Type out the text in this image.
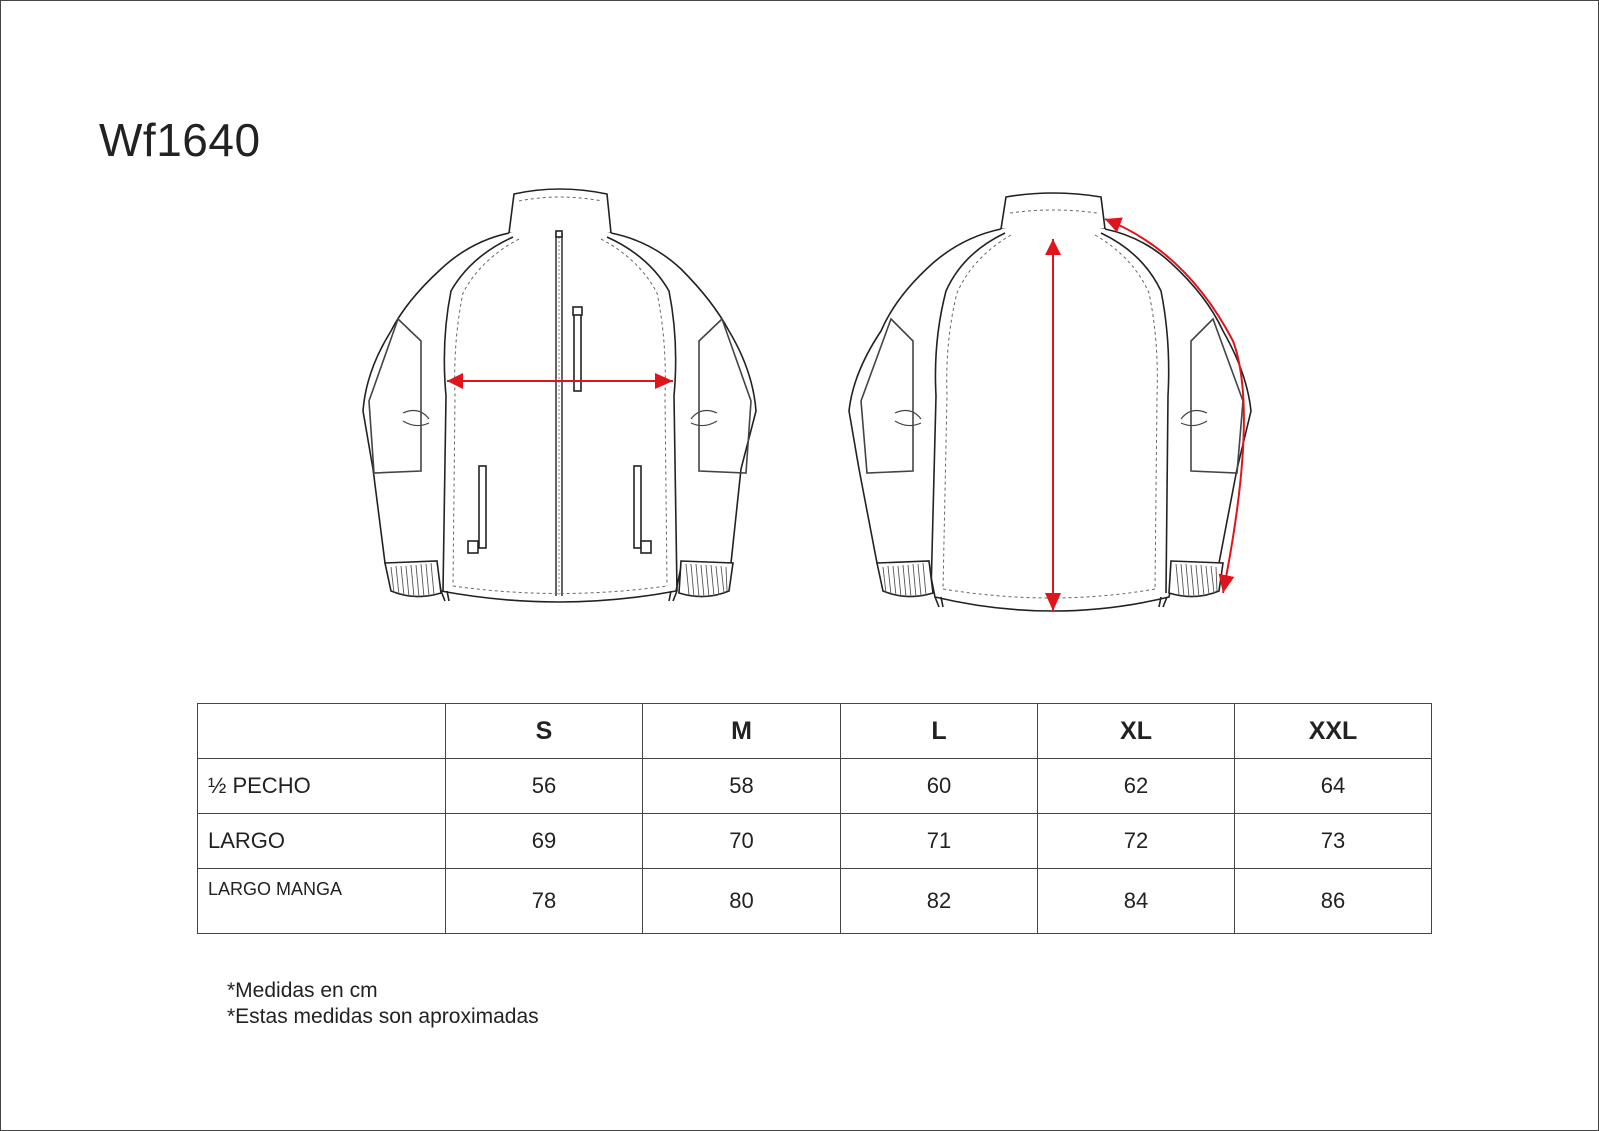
Wf1640
	S	M	L	XL	XXL
½ PECHO	56	58	60	62	64
LARGO	69	70	71	72	73
LARGO MANGA	78	80	82	84	86
*Medidas en cm
*Estas medidas son aproximadas
